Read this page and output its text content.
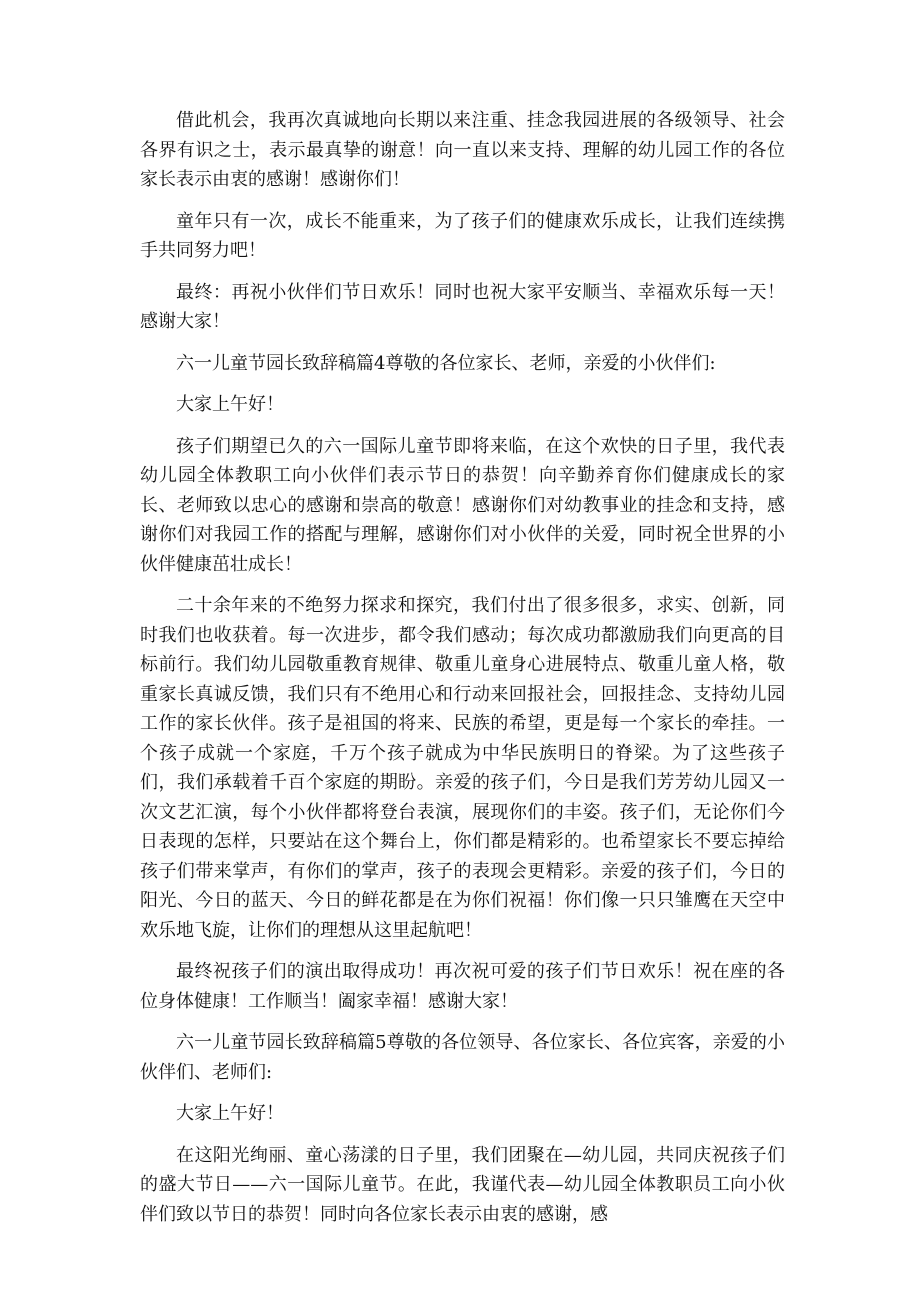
借此机会，我再次真诚地向长期以来注重、挂念我园进展的各级领导、社会各界有识之士，表示最真挚的谢意！向一直以来支持、理解的幼儿园工作的各位家长表示由衷的感谢！感谢你们！

童年只有一次，成长不能重来，为了孩子们的健康欢乐成长，让我们连续携手共同努力吧！

最终：再祝小伙伴们节日欢乐！同时也祝大家平安顺当、幸福欢乐每一天！感谢大家！

六一儿童节园长致辞稿篇4尊敬的各位家长、老师，亲爱的小伙伴们:

大家上午好！

孩子们期望已久的六一国际儿童节即将来临，在这个欢快的日子里，我代表幼儿园全体教职工向小伙伴们表示节日的恭贺！向辛勤养育你们健康成长的家长、老师致以忠心的感谢和崇高的敬意！感谢你们对幼教事业的挂念和支持，感谢你们对我园工作的搭配与理解，感谢你们对小伙伴的关爱，同时祝全世界的小伙伴健康茁壮成长！

二十余年来的不绝努力探求和探究，我们付出了很多很多，求实、创新，同时我们也收获着。每一次进步，都令我们感动；每次成功都激励我们向更高的目标前行。我们幼儿园敬重教育规律、敬重儿童身心进展特点、敬重儿童人格，敬重家长真诚反馈，我们只有不绝用心和行动来回报社会，回报挂念、支持幼儿园工作的家长伙伴。孩子是祖国的将来、民族的希望，更是每一个家长的牵挂。一个孩子成就一个家庭，千万个孩子就成为中华民族明日的脊梁。为了这些孩子们，我们承载着千百个家庭的期盼。亲爱的孩子们，今日是我们芳芳幼儿园又一次文艺汇演，每个小伙伴都将登台表演，展现你们的丰姿。孩子们，无论你们今日表现的怎样，只要站在这个舞台上，你们都是精彩的。也希望家长不要忘掉给孩子们带来掌声，有你们的掌声，孩子的表现会更精彩。亲爱的孩子们，今日的阳光、今日的蓝天、今日的鲜花都是在为你们祝福！你们像一只只雏鹰在天空中欢乐地飞旋，让你们的理想从这里起航吧！

最终祝孩子们的演出取得成功！再次祝可爱的孩子们节日欢乐！祝在座的各位身体健康！工作顺当！阖家幸福！感谢大家！

六一儿童节园长致辞稿篇5尊敬的各位领导、各位家长、各位宾客，亲爱的小伙伴们、老师们:

大家上午好！

在这阳光绚丽、童心荡漾的日子里，我们团聚在—幼儿园，共同庆祝孩子们的盛大节日——六一国际儿童节。在此，我谨代表—幼儿园全体教职员工向小伙伴们致以节日的恭贺！同时向各位家长表示由衷的感谢，感
